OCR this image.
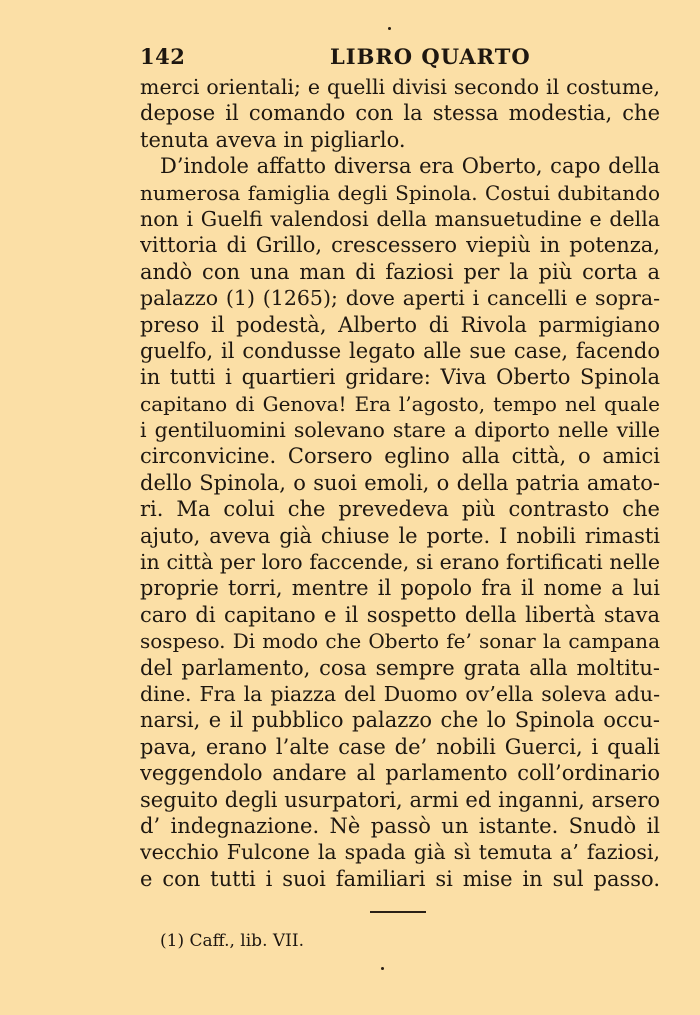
142	LIBRO QUARTO
merci orientali; e quelli divisi secondo il costume,
depose il comando con la stessa modestia, che
tenuta aveva in pigliarlo.
D’indole affatto diversa era Oberto, capo della
numerosa famiglia degli Spinola. Costui dubitando
non i Guelfi valendosi della mansuetudine e della
vittoria di Grillo, crescessero viepiù in potenza,
andò con una man di faziosi per la più corta a
palazzo (1) (1265); dove aperti i cancelli e sopra-
preso il podestà, Alberto di Rivola parmigiano
guelfo, il condusse legato alle sue case, facendo
in tutti i quartieri gridare: Viva Oberto Spinola
capitano di Genova! Era l’agosto, tempo nel quale
i gentiluomini solevano stare a diporto nelle ville
circonvicine. Corsero eglino alla città, o amici
dello Spinola, o suoi emoli, o della patria amato-
ri. Ma colui che prevedeva più contrasto che
ajuto, aveva già chiuse le porte. I nobili rimasti
in città per loro faccende, si erano fortificati nelle
proprie torri, mentre il popolo fra il nome a lui
caro di capitano e il sospetto della libertà stava
sospeso. Di modo che Oberto fe’ sonar la campana
del parlamento, cosa sempre grata alla moltitu-
dine. Fra la piazza del Duomo ov’ella soleva adu-
narsi, e il pubblico palazzo che lo Spinola occu-
pava, erano l’alte case de’ nobili Guerci, i quali
veggendolo andare al parlamento coll’ordinario
seguito degli usurpatori, armi ed inganni, arsero
d’ indegnazione. Nè passò un istante. Snudò il
vecchio Fulcone la spada già sì temuta a’ faziosi,
e con tutti i suoi familiari si mise in sul passo.
(1) Caff., lib. VII.
